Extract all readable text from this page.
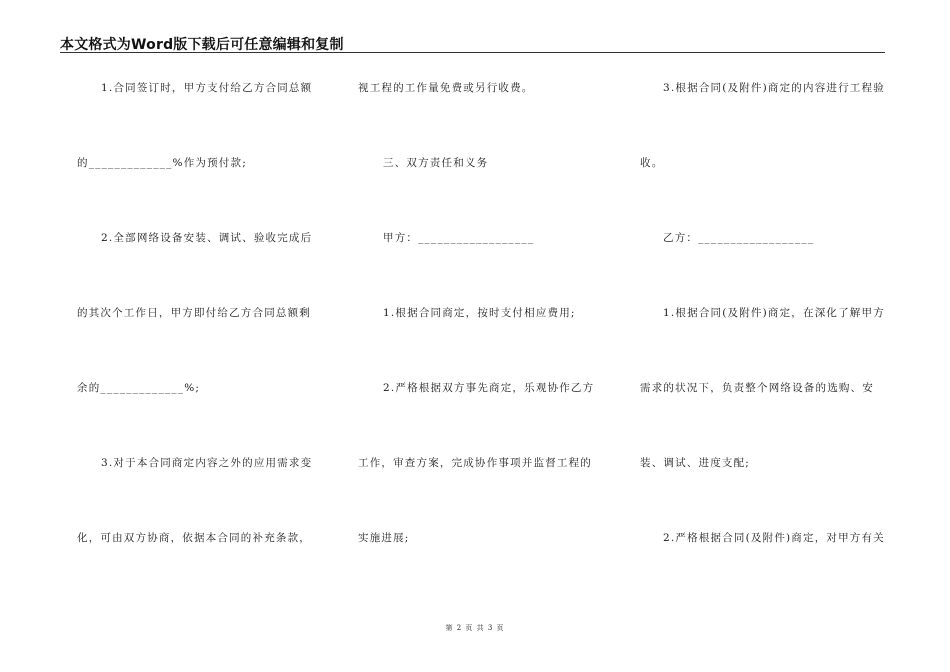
本文格式为Word版下载后可任意编辑和复制
1.合同签订时，甲方支付给乙方合同总额
的_____________%作为预付款;
2.全部网络设备安装、调试、验收完成后
的其次个工作日，甲方即付给乙方合同总额剩
余的_____________%;
3.对于本合同商定内容之外的应用需求变
化，可由双方协商，依据本合同的补充条款，
视工程的工作量免费或另行收费。
三、双方责任和义务
甲方：__________________
1.根据合同商定，按时支付相应费用;
2.严格根据双方事先商定，乐观协作乙方
工作，审查方案，完成协作事项并监督工程的
实施进展;
3.根据合同(及附件)商定的内容进行工程验
收。
乙方：__________________
1.根据合同(及附件)商定，在深化了解甲方
需求的状况下，负责整个网络设备的选购、安
装、调试、进度支配;
2.严格根据合同(及附件)商定，对甲方有关
第 2 页 共 3 页
